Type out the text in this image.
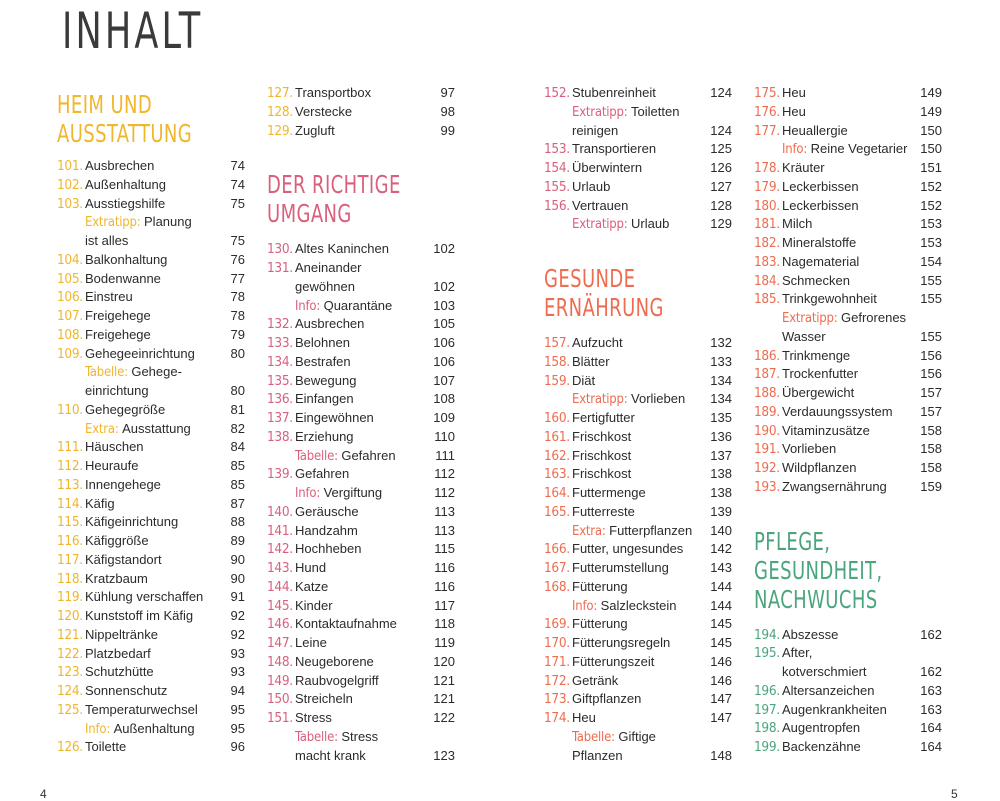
INHALT
HEIM UND
AUSSTATTUNG
101. Ausbrechen	74
102. Außenhaltung	74
103. Ausstiegshilfe	75
Extratipp: Planung
ist alles	75
104. Balkonhaltung	76
105. Bodenwanne	77
106. Einstreu	78
107. Freigehege	78
108. Freigehege	79
109. Gehegeeinrichtung	80
Tabelle: Gehege-
einrichtung	80
110. Gehegegröße	81
Extra: Ausstattung	82
111. Häuschen	84
112. Heuraufe	85
113. Innengehege	85
114. Käfig	87
115. Käfigeinrichtung	88
116. Käfiggröße	89
117. Käfigstandort	90
118. Kratzbaum	90
119. Kühlung verschaffen 91
120. Kunststoff im Käfig	92
121. Nippeltränke	92
122. Platzbedarf	93
123. Schutzhütte	93
124. Sonnenschutz	94
125. Temperaturwechsel	95
Info: Außenhaltung	95
126. Toilette	96
127. Transportbox	97
128. Verstecke	98
129. Zugluft	99
DER RICHTIGE
UMGANG
130. Altes Kaninchen	102
131. Aneinander
gewöhnen	102
Info: Quarantäne	103
132. Ausbrechen	105
133. Belohnen	106
134. Bestrafen	106
135. Bewegung	107
136. Einfangen	108
137. Eingewöhnen	109
138. Erziehung	110
Tabelle: Gefahren	111
139. Gefahren	112
Info: Vergiftung	112
140. Geräusche	113
141. Handzahm	113
142. Hochheben	115
143. Hund	116
144. Katze	116
145. Kinder	117
146. Kontaktaufnahme	118
147. Leine	119
148. Neugeborene	120
149. Raubvogelgriff	121
150. Streicheln	121
151. Stress	122
Tabelle: Stress
macht krank	123
152. Stubenreinheit	124
Extratipp: Toiletten
reinigen	124
153. Transportieren	125
154. Überwintern	126
155. Urlaub	127
156. Vertrauen	128
Extratipp: Urlaub	129
GESUNDE
ERNÄHRUNG
157. Aufzucht	132
158. Blätter	133
159. Diät	134
Extratipp: Vorlieben 134
160. Fertigfutter	135
161. Frischkost	136
162. Frischkost	137
163. Frischkost	138
164. Futtermenge	138
165. Futterreste	139
Extra: Futterpflanzen 140
166. Futter, ungesundes 142
167. Futterumstellung	143
168. Fütterung	144
Info: Salzleckstein	144
169. Fütterung	145
170. Fütterungsregeln	145
171. Fütterungszeit	146
172. Getränk	146
173. Giftpflanzen	147
174. Heu	147
Tabelle: Giftige
Pflanzen	148
175. Heu	149
176. Heu	149
177. Heuallergie	150
Info: Reine Vegetarier 150
178. Kräuter	151
179. Leckerbissen	152
180. Leckerbissen	152
181. Milch	153
182. Mineralstoffe	153
183. Nagematerial	154
184. Schmecken	155
185. Trinkgewohnheit	155
Extratipp: Gefrorenes
Wasser	155
186. Trinkmenge	156
187. Trockenfutter	156
188. Übergewicht	157
189. Verdauungssystem 157
190. Vitaminzusätze	158
191. Vorlieben	158
192. Wildpflanzen	158
193. Zwangsernährung	159
PFLEGE,
GESUNDHEIT,
NACHWUCHS
194. Abszesse	162
195. After,
kotverschmiert	162
196. Altersanzeichen	163
197. Augenkrankheiten	163
198. Augentropfen	164
199. Backenzähne	164
4	5
